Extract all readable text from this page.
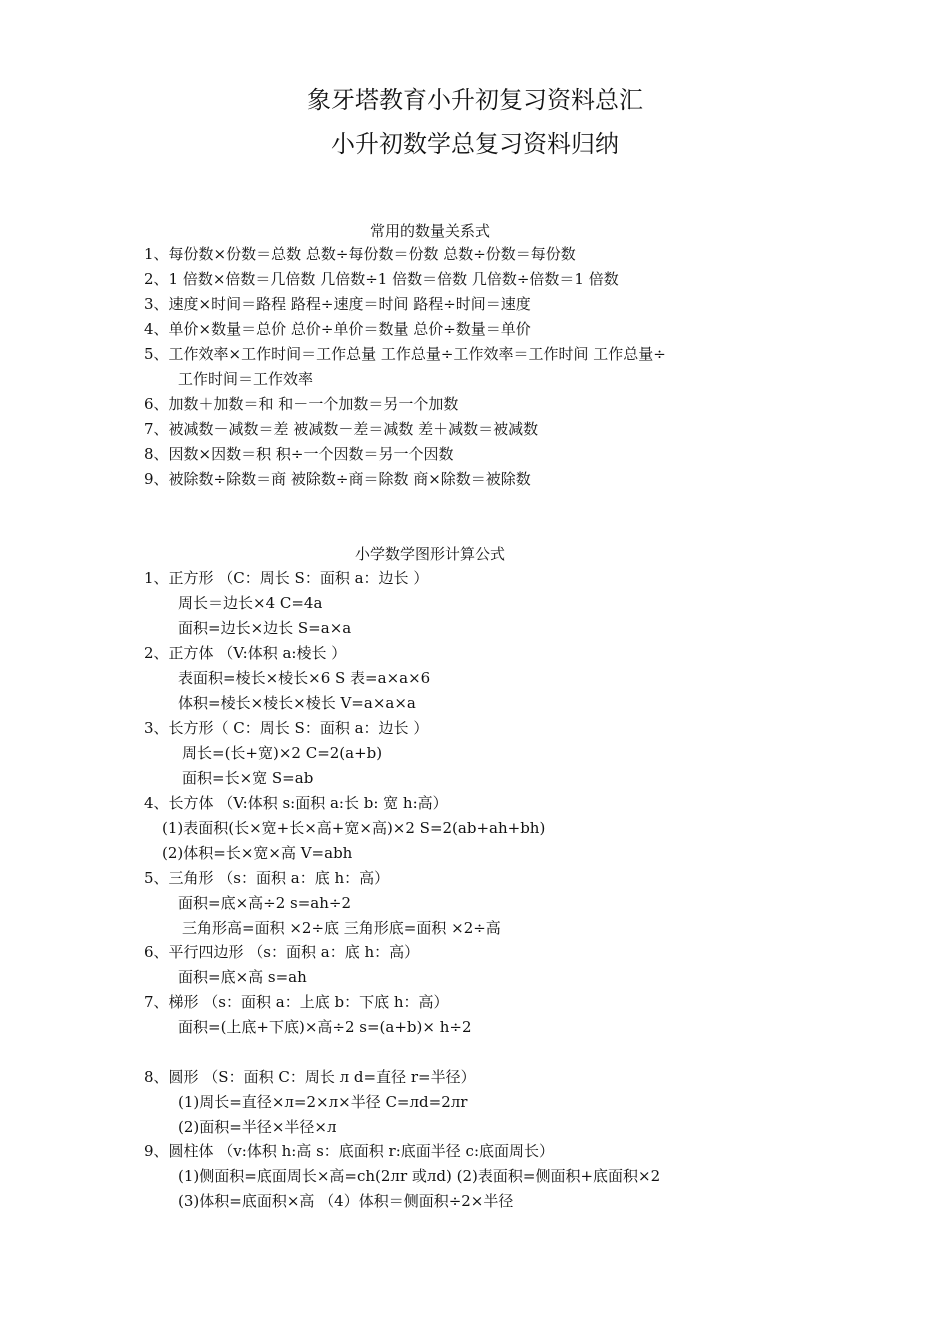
象牙塔教育小升初复习资料总汇
小升初数学总复习资料归纳
常用的数量关系式
1、每份数×份数＝总数 总数÷每份数＝份数 总数÷份数＝每份数
2、1 倍数×倍数＝几倍数 几倍数÷1 倍数＝倍数 几倍数÷倍数＝1 倍数
3、速度×时间＝路程 路程÷速度＝时间 路程÷时间＝速度
4、单价×数量＝总价 总价÷单价＝数量 总价÷数量＝单价
5、工作效率×工作时间＝工作总量 工作总量÷工作效率＝工作时间 工作总量÷
工作时间＝工作效率
6、加数＋加数＝和 和－一个加数＝另一个加数
7、被减数－减数＝差 被减数－差＝减数 差＋减数＝被减数
8、因数×因数＝积 积÷一个因数＝另一个因数
9、被除数÷除数＝商 被除数÷商＝除数 商×除数＝被除数
小学数学图形计算公式
1、正方形 （C：周长 S：面积 a：边长 ）
周长＝边长×4 C=4a
面积=边长×边长 S=a×a
2、正方体 （V:体积 a:棱长 ）
表面积=棱长×棱长×6 S 表=a×a×6
体积=棱长×棱长×棱长 V=a×a×a
3、长方形（ C：周长 S：面积 a：边长 ）
周长=(长+宽)×2 C=2(a+b)
面积=长×宽 S=ab
4、长方体 （V:体积 s:面积 a:长 b: 宽 h:高）
(1)表面积(长×宽+长×高+宽×高)×2 S=2(ab+ah+bh)
(2)体积=长×宽×高 V=abh
5、三角形 （s：面积 a：底 h：高）
面积=底×高÷2 s=ah÷2
三角形高=面积 ×2÷底 三角形底=面积 ×2÷高
6、平行四边形 （s：面积 a：底 h：高）
面积=底×高 s=ah
7、梯形 （s：面积 a：上底 b：下底 h：高）
面积=(上底+下底)×高÷2 s=(a+b)× h÷2
8、圆形 （S：面积 C：周长 л d=直径 r=半径）
(1)周长=直径×л=2×л×半径 C=лd=2лr
(2)面积=半径×半径×л
9、圆柱体 （v:体积 h:高 s：底面积 r:底面半径 c:底面周长）
(1)侧面积=底面周长×高=ch(2лr 或лd) (2)表面积=侧面积+底面积×2
(3)体积=底面积×高 （4）体积＝侧面积÷2×半径
